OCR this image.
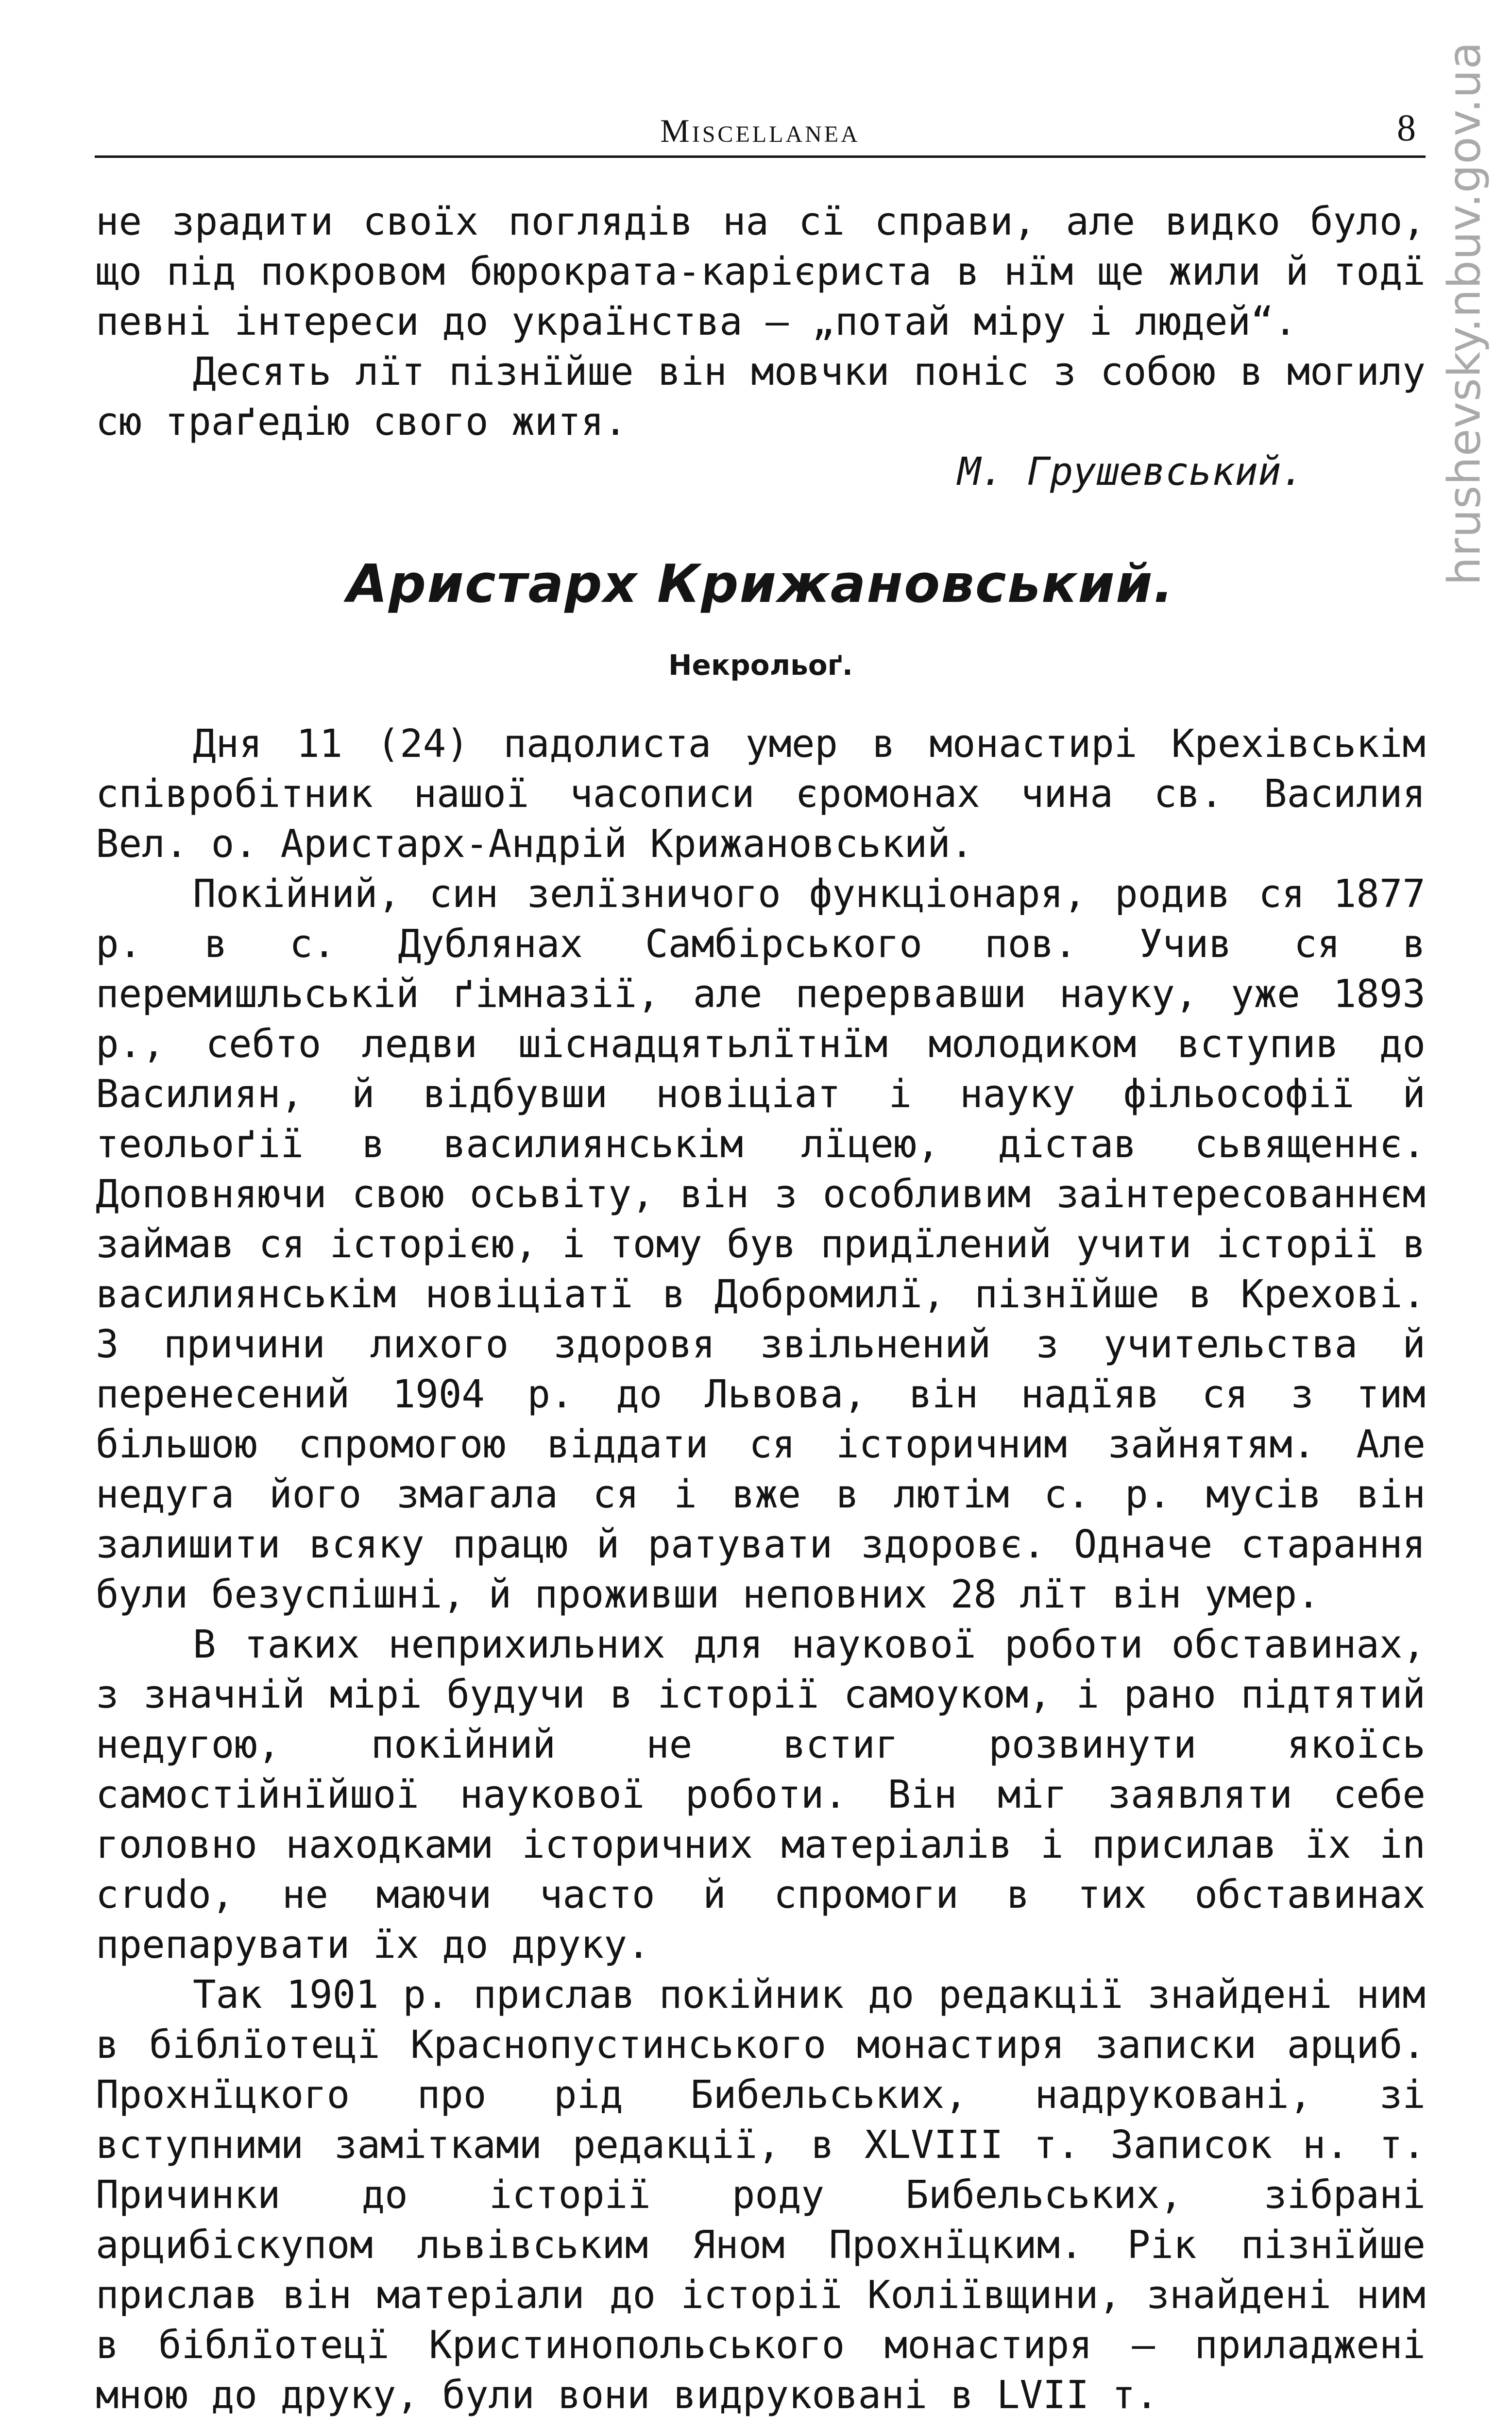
hrushevsky.nbuv.gov.ua
Miscellanea	8

не зрадити своїх поглядів на сї справи, але видко було, що під покровом бюрократа-карієриста в нїм ще жили й тодї певні інтереси до українства — „потай міру і людей“.

Десять лїт пізнїйше він мовчки поніс з собою в могилу сю траґедію свого житя.

М. Грушевський.
Аристарх Крижановський.
Некрольоґ.

Дня 11 (24) падолиста умер в монастирі Крехівськім співробітник нашої часописи єромонах чина св. Василия Вел. о. Аристарх-Андрій Крижановський.

Покійний, син зелїзничого функціонаря, родив ся 1877 р. в с. Дублянах Самбірського пов. Учив ся в перемишльській ґімназії, але перервавши науку, уже 1893 р., себто ледви шіснадцятьлїтнїм молодиком вступив до Василиян, й відбувши новіціат і науку фільософії й теольоґії в василиянськім лїцею, дістав сьвященнє. Доповняючи свою осьвіту, він з особливим заінтересованнєм займав ся історією, і тому був придїлений учити історії в василиянськім новіціатї в Добромилї, пізнїйше в Крехові. З причини лихого здоровя звільнений з учительства й перенесений 1904 р. до Львова, він надїяв ся з тим більшою спромогою віддати ся історичним зайнятям. Але недуга його змагала ся і вже в лютім с. р. мусів він залишити всяку працю й ратувати здоровє. Одначе старання були безуспішні, й проживши неповних 28 лїт він умер.

В таких неприхильних для наукової роботи обставинах, з значній мірі будучи в історії самоуком, і рано підтятий недугою, покійний не встиг розвинути якоїсь самостійнїйшої наукової роботи. Він міг заявляти себе головно находками історичних матеріалів і присилав їх in crudo, не маючи часто й спромоги в тих обставинах препарувати їх до друку.

Так 1901 р. прислав покійник до редакції знайдені ним в біблїотецї Краснопустинського монастиря записки арциб. Прохнїцкого про рід Бибельських, надруковані, зі вступними замітками редакції, в XLVIII т. Записок н. т. Причинки до історії роду Бибельських, зібрані арцибіскупом львівським Яном Прохнїцким. Рік пізнїйше прислав він матеріали до історії Коліївщини, знайдені ним в біблїотецї Кристинопольського монастиря — приладжені мною до друку, були вони видруковані в LVII т.
